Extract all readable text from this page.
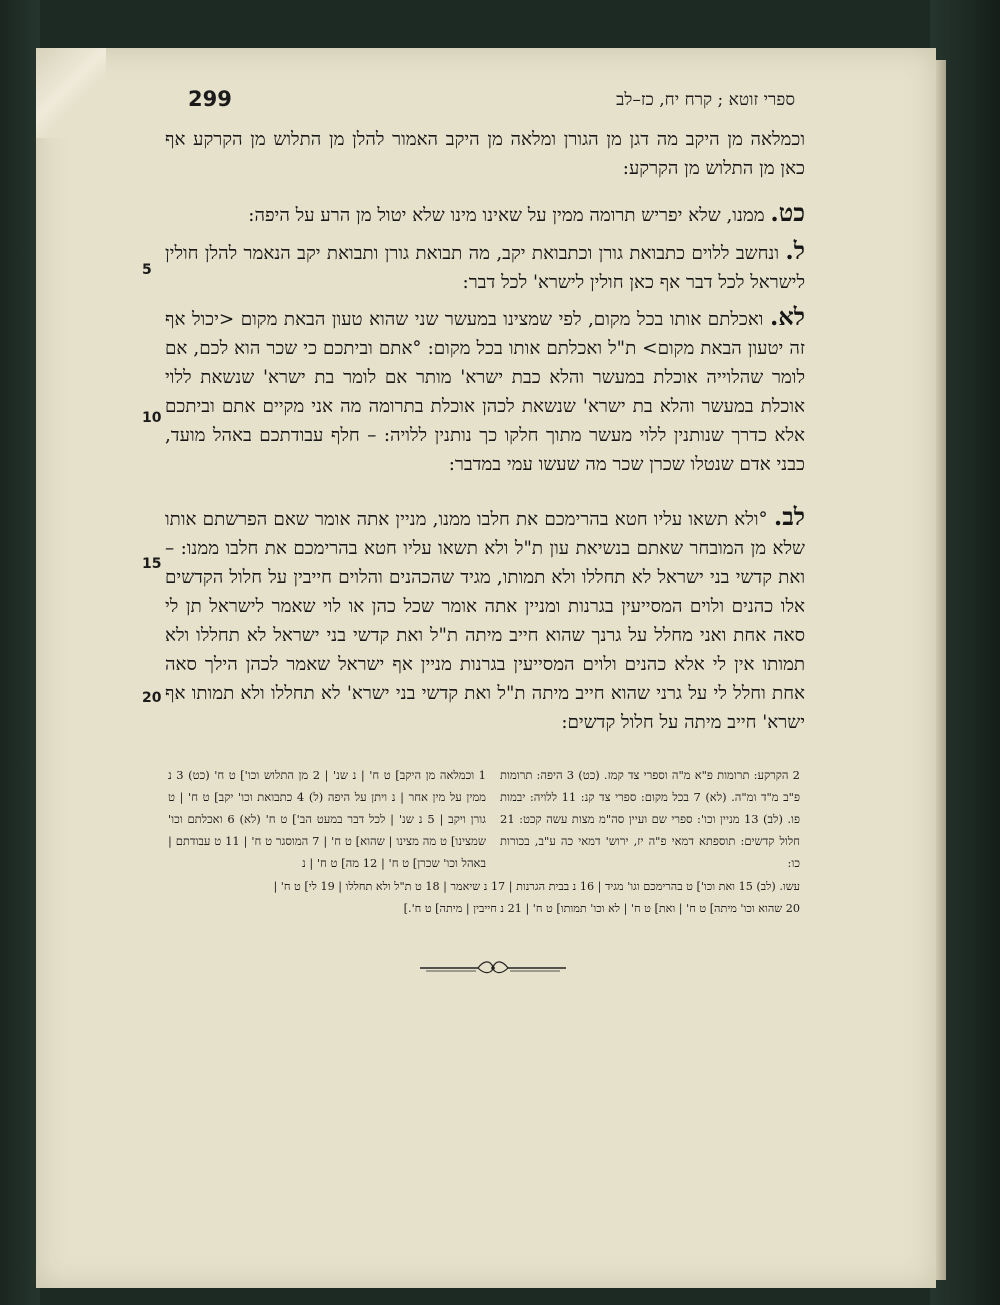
299	ספרי זוטא ; קרח יח, כז–לב

וכמלאה מן היקב מה דגן מן הגורן ומלאה מן היקב האמור להלן מן התלוש מן הקרקע אף כאן מן התלוש מן הקרקע:

כט. ממנו, שלא יפריש תרומה ממין על שאינו מינו שלא יטול מן הרע על היפה:

ל. ונחשב ללוים כתבואת גורן וכתבואת יקב, מה תבואת גורן ותבואת יקב הנאמר להלן חולין לישראל לכל דבר אף כאן חולין לישרא' לכל דבר:

לא. ואכלתם אותו בכל מקום, לפי שמצינו במעשר שני שהוא טעון הבאת מקום <יכול אף זה יטעון הבאת מקום> ת"ל ואכלתם אותו בכל מקום: °אתם וביתכם כי שכר הוא לכם, אם לומר שהלוייה אוכלת במעשר והלא כבת ישרא' מותר אם לומר בת ישרא' שנשאת ללוי אוכלת במעשר והלא בת ישרא' שנשאת לכהן אוכלת בתרומה מה אני מקיים אתם וביתכם אלא כדרך שנותנין ללוי מעשר מתוך חלקו כך נותנין ללויה: – חלף עבודתכם באהל מועד, כבני אדם שנטלו שכרן שכר מה שעשו עמי במדבר:

לב. °ולא תשאו עליו חטא בהרימכם את חלבו ממנו, מניין אתה אומר שאם הפרשתם אותו שלא מן המובחר שאתם בנשיאת עון ת"ל ולא תשאו עליו חטא בהרימכם את חלבו ממנו: – ואת קדשי בני ישראל לא תחללו ולא תמותו, מגיד שהכהנים והלוים חייבין על חלול הקדשים אלו כהנים ולוים המסייעין בגרנות ומניין אתה אומר שכל כהן או לוי שאמר לישראל תן לי סאה אחת ואני מחלל על גרנך שהוא חייב מיתה ת"ל ואת קדשי בני ישראל לא תחללו ולא תמותו אין לי אלא כהנים ולוים המסייעין בגרנות מניין אף ישראל שאמר לכהן הילך סאה אחת וחלל לי על גרני שהוא חייב מיתה ת"ל ואת קדשי בני ישרא' לא תחללו ולא תמותו אף ישרא' חייב מיתה על חלול קדשים:

5
10
15
20
2 הקרקע: תרומות פ"א מ"ה וספרי צד קמז. (כט) 3 היפה: תרומות פ"ב מ"ד ומ"ה. (לא) 7 בכל מקום: ספרי צד קנ: 11 ללויה: יבמות פו. (לב) 13 מניין וכו': ספרי שם ועיין סה"מ מצות עשה קכט: 21 חלול קדשים: תוספתא דמאי פ"ה יז, ירוש' דמאי כה ע"ב, בכורות כו:
1 וכמלאה מן היקב] ט ח' | נ שנ' | 2 מן התלוש וכו'] ט ח' (כט) 3 נ ממין על מין אחר | נ ויתן על היפה (ל) 4 כתבואת וכו' יקב] ט ח' | ט גורן ויקב | 5 נ שנ' | לכל דבר במעט הב'] ט ח' (לא) 6 ואכלתם וכו' שמצינו] ט מה מצינו | שהוא] ט ח' | 7 המוסגר ט ח' | 11 ט עבודתם | באהל וכו' שכרן] ט ח' | 12 מה] ט ח' | נ
עשו. (לב) 15 ואת וכו'] ט בהרימכם וגו' מגיד | 16 נ בבית הגרנות | 17 נ שיאמר | 18 ט ת"ל ולא תחללו | 19 לי] ט ח' |
20 שהוא וכו' מיתה] ט ח' | ואת] ט ח' | לא וכו' תמותו] ט ח' | 21 נ חייבין | מיתה] ט ח'.]
